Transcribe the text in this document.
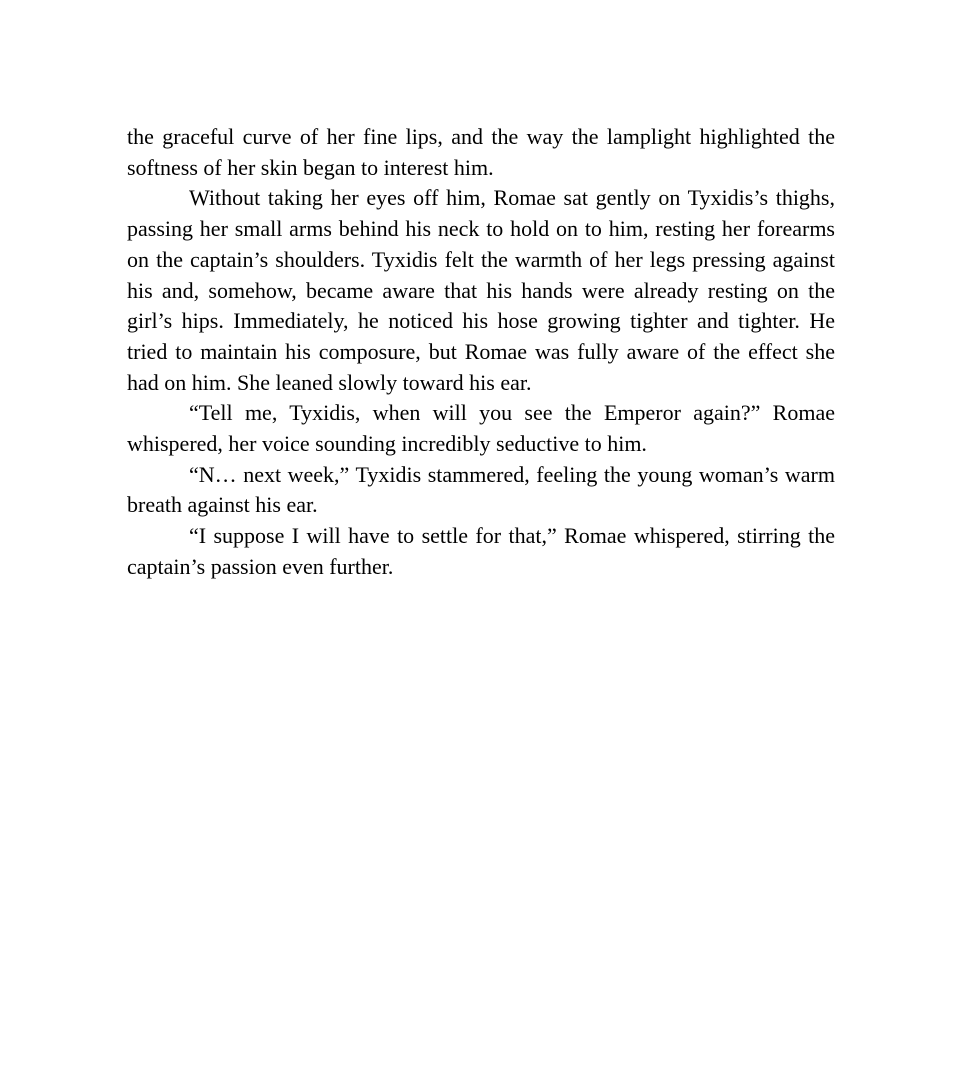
the graceful curve of her fine lips, and the way the lamplight highlighted the softness of her skin began to interest him.

Without taking her eyes off him, Romae sat gently on Tyxidis’s thighs, passing her small arms behind his neck to hold on to him, resting her forearms on the captain’s shoulders. Tyxidis felt the warmth of her legs pressing against his and, somehow, became aware that his hands were already resting on the girl’s hips. Immediately, he noticed his hose growing tighter and tighter. He tried to maintain his composure, but Romae was fully aware of the effect she had on him. She leaned slowly toward his ear.

“Tell me, Tyxidis, when will you see the Emperor again?” Romae whispered, her voice sounding incredibly seductive to him.

“N… next week,” Tyxidis stammered, feeling the young woman’s warm breath against his ear.

“I suppose I will have to settle for that,” Romae whispered, stirring the captain’s passion even further.
